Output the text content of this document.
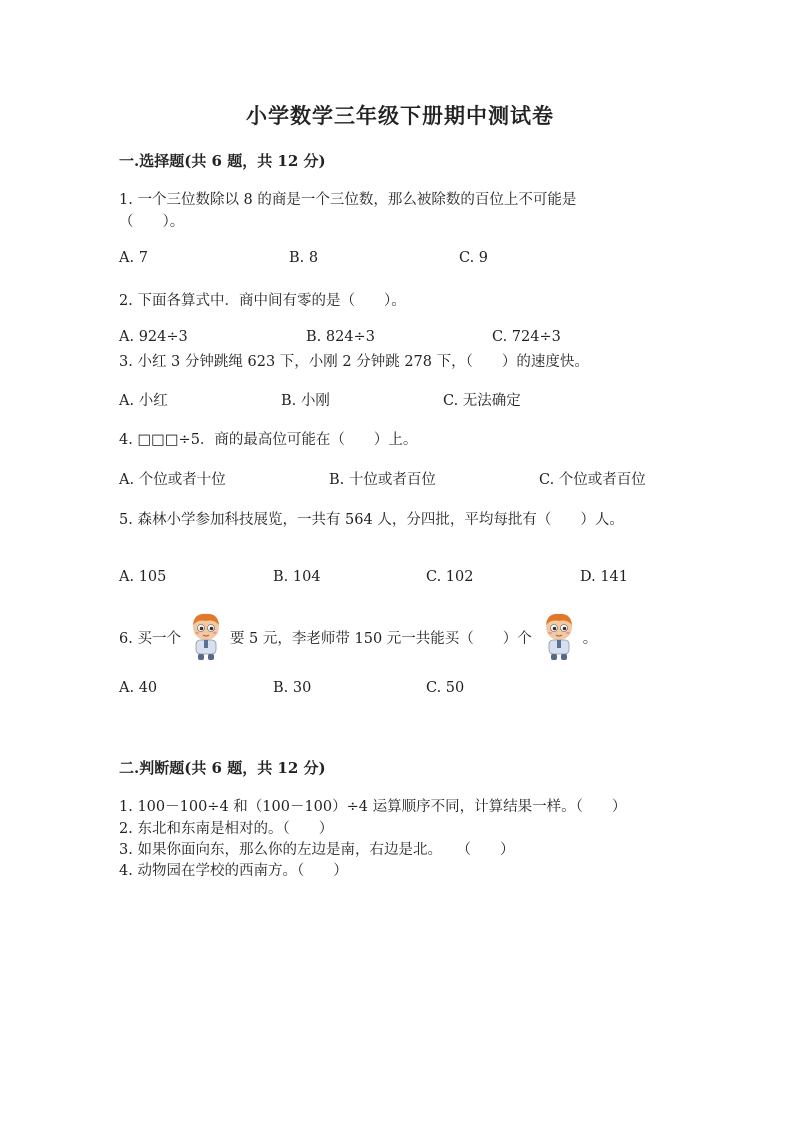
小学数学三年级下册期中测试卷
一.选择题(共 6 题，共 12 分)
1. 一个三位数除以 8 的商是一个三位数，那么被除数的百位上不可能是
（　　）。
A. 7	B. 8	C. 9
2. 下面各算式中．商中间有零的是（　　）。
A. 924÷3	B. 824÷3	C. 724÷3
3. 小红 3 分钟跳绳 623 下，小刚 2 分钟跳 278 下，（　　）的速度快。
A. 小红	B. 小刚	C. 无法确定
4. □□□÷5．商的最高位可能在（　　）上。
A. 个位或者十位	B. 十位或者百位	C. 个位或者百位
5. 森林小学参加科技展览，一共有 564 人，分四批，平均每批有（　　）人。
A. 105	B. 104	C. 102	D. 141
6. 买一个	要 5 元，李老师带 150 元一共能买（　　）个	。
A. 40	B. 30	C. 50
二.判断题(共 6 题，共 12 分)
1. 100－100÷4 和（100－100）÷4 运算顺序不同，计算结果一样。（　　）
2. 东北和东南是相对的。（　　）
3. 如果你面向东，那么你的左边是南，右边是北。　　（　　）
4. 动物园在学校的西南方。（　　）
